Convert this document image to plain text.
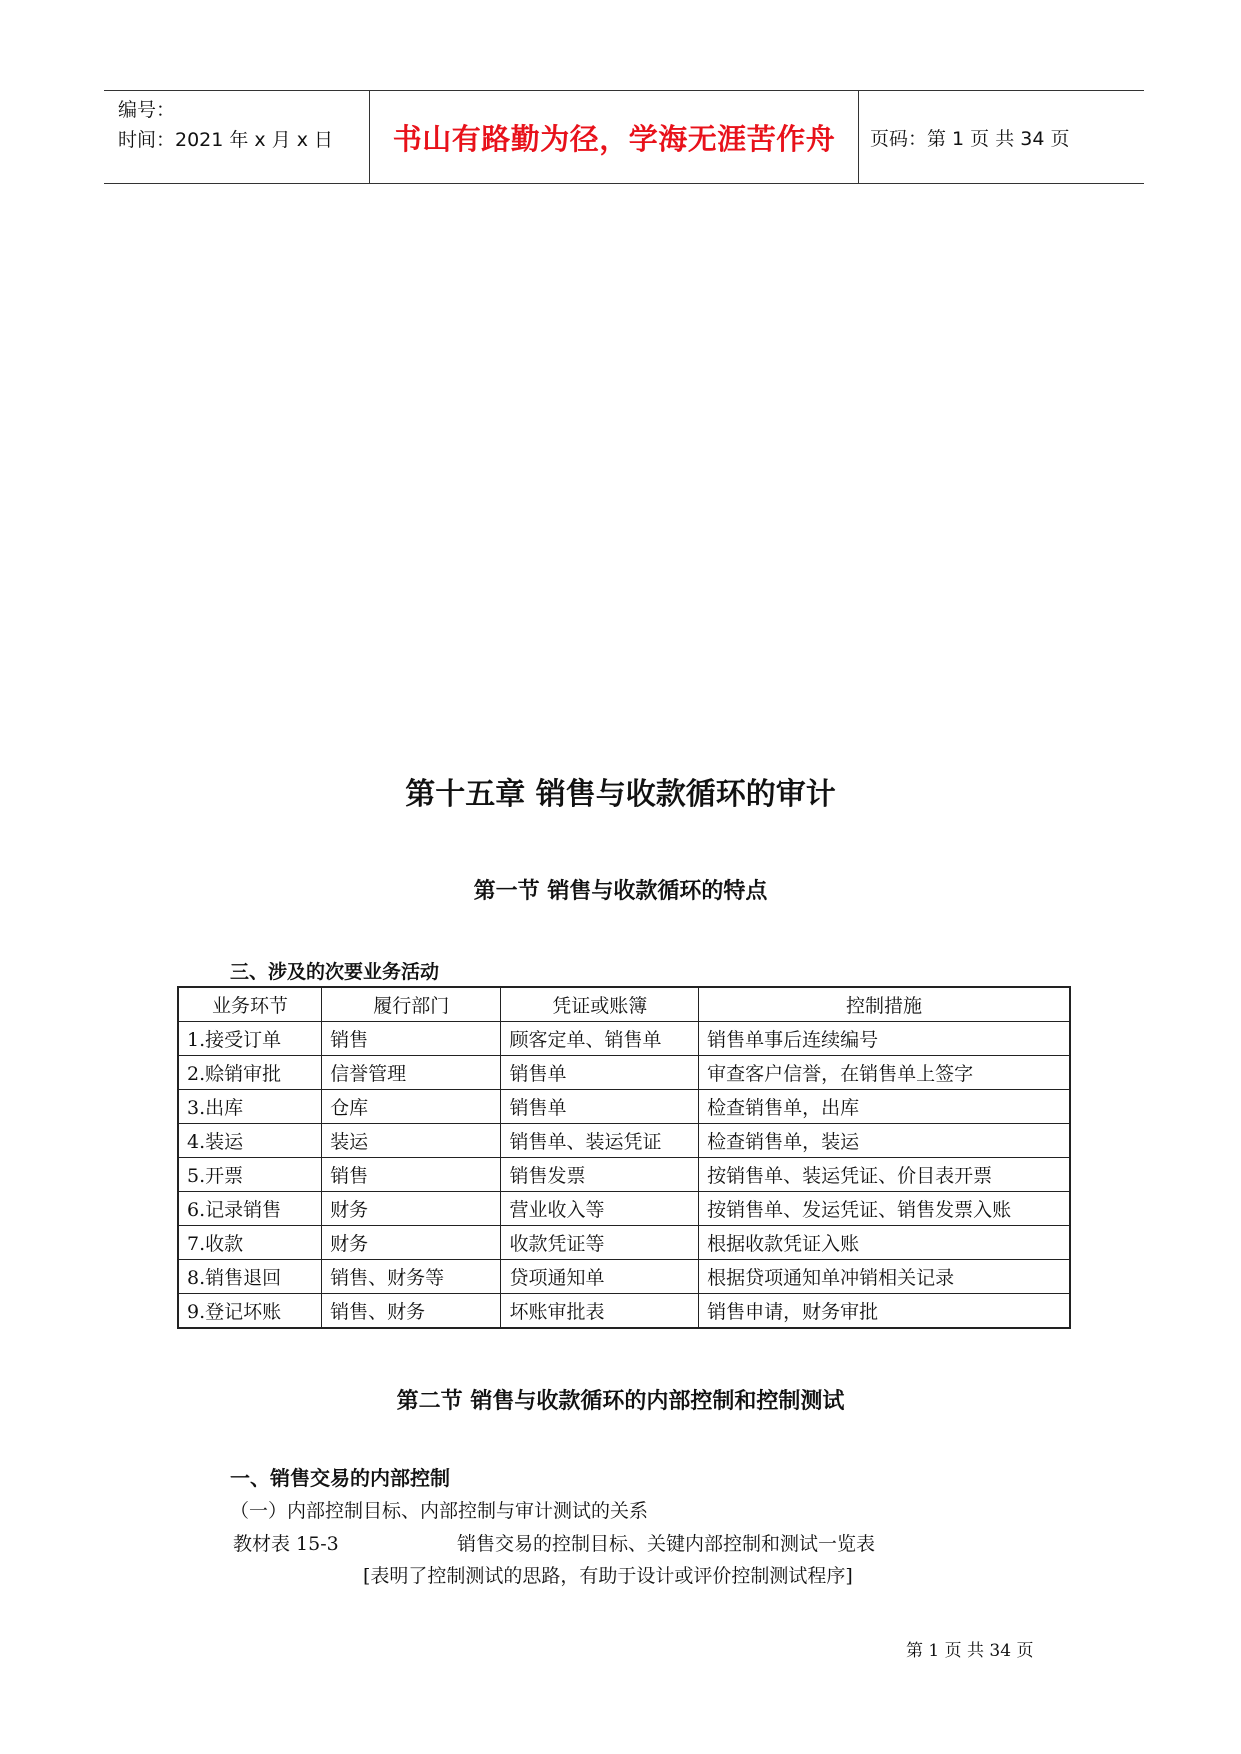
编号：
时间：2021 年 x 月 x 日	书山有路勤为径，学海无涯苦作舟	页码：第 1 页 共 34 页
第十五章 销售与收款循环的审计
第一节 销售与收款循环的特点
三、涉及的次要业务活动
业务环节	履行部门	凭证或账簿	控制措施
1.接受订单	销售	顾客定单、销售单	销售单事后连续编号
2.赊销审批	信誉管理	销售单	审查客户信誉，在销售单上签字
3.出库	仓库	销售单	检查销售单，出库
4.装运	装运	销售单、装运凭证	检查销售单，装运
5.开票	销售	销售发票	按销售单、装运凭证、价目表开票
6.记录销售	财务	营业收入等	按销售单、发运凭证、销售发票入账
7.收款	财务	收款凭证等	根据收款凭证入账
8.销售退回	销售、财务等	贷项通知单	根据贷项通知单冲销相关记录
9.登记坏账	销售、财务	坏账审批表	销售申请，财务审批
第二节 销售与收款循环的内部控制和控制测试
一、销售交易的内部控制
（一）内部控制目标、内部控制与审计测试的关系
教材表 15-3	销售交易的控制目标、关键内部控制和测试一览表
[表明了控制测试的思路，有助于设计或评价控制测试程序]
第 1 页 共 34 页
